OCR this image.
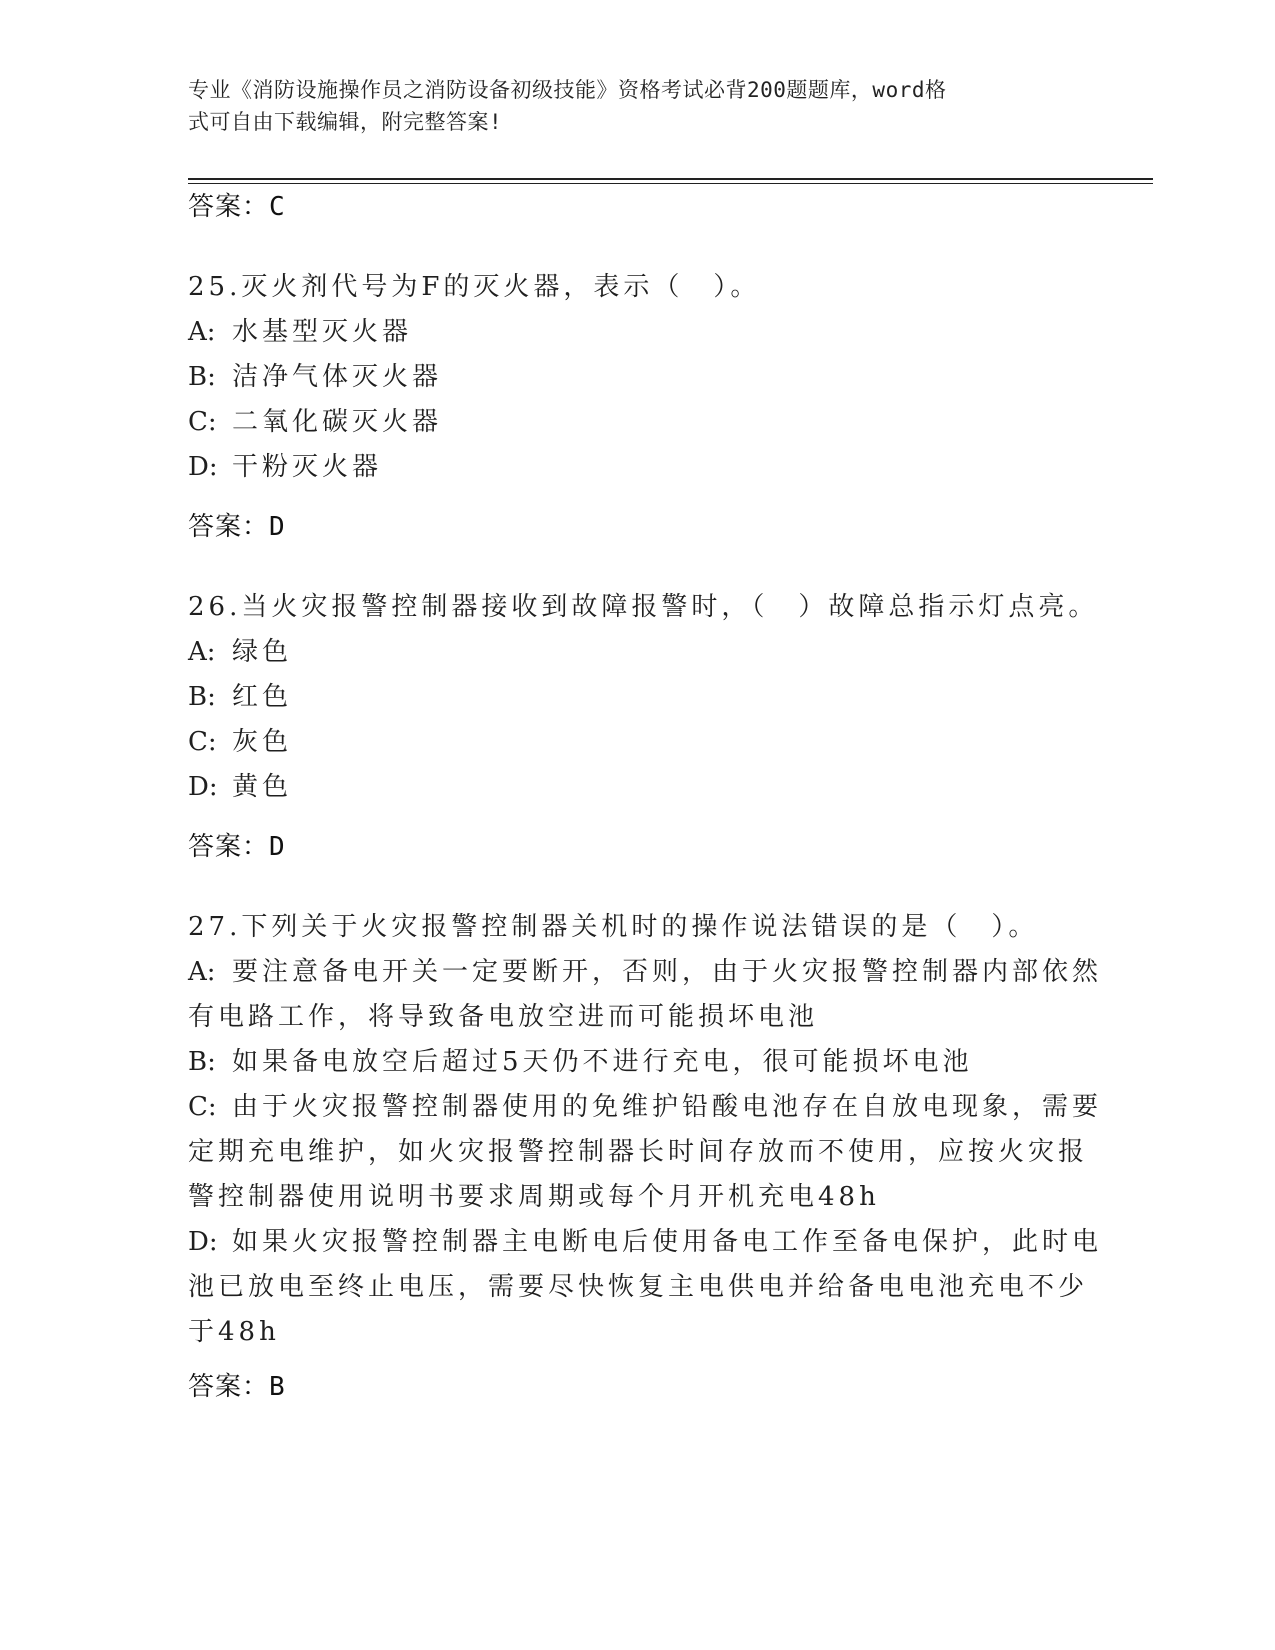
专业《消防设施操作员之消防设备初级技能》资格考试必背200题题库，word格
式可自由下载编辑，附完整答案!
答案：C
25.灭火剂代号为F的灭火器，表示（　）。
A: 水基型灭火器
B: 洁净气体灭火器
C: 二氧化碳灭火器
D: 干粉灭火器
答案：D
26.当火灾报警控制器接收到故障报警时，（　）故障总指示灯点亮。
A: 绿色
B: 红色
C: 灰色
D: 黄色
答案：D
27.下列关于火灾报警控制器关机时的操作说法错误的是（　）。
A: 要注意备电开关一定要断开，否则，由于火灾报警控制器内部依然
有电路工作，将导致备电放空进而可能损坏电池
B: 如果备电放空后超过5天仍不进行充电，很可能损坏电池
C: 由于火灾报警控制器使用的免维护铅酸电池存在自放电现象，需要
定期充电维护，如火灾报警控制器长时间存放而不使用，应按火灾报
警控制器使用说明书要求周期或每个月开机充电48h
D: 如果火灾报警控制器主电断电后使用备电工作至备电保护，此时电
池已放电至终止电压，需要尽快恢复主电供电并给备电电池充电不少
于48h
答案：B
